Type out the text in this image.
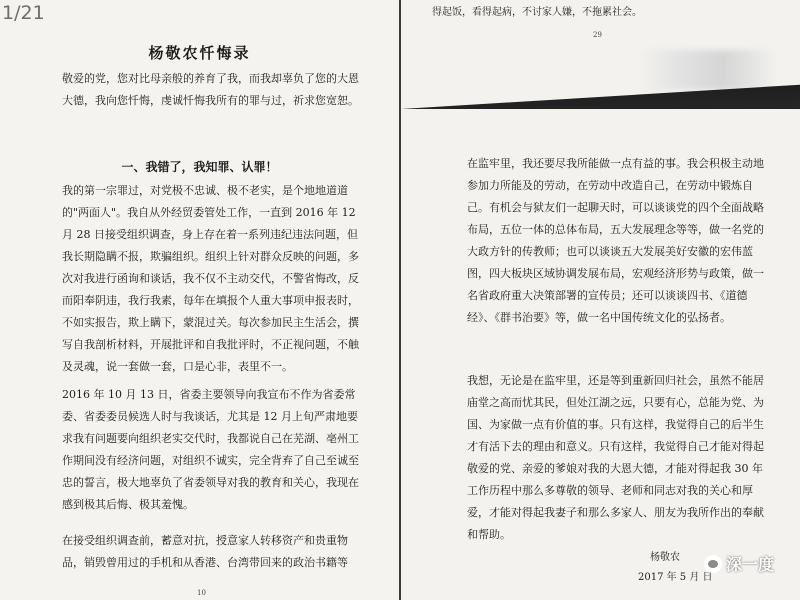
1/21
杨敬农忏悔录

敬爱的党，您对比母亲般的养育了我，而我却辜负了您的大恩大德，我向您忏悔，虔诚忏悔我所有的罪与过，祈求您宽恕。

一、我错了，我知罪、认罪！

我的第一宗罪过，对党极不忠诚、极不老实，是个地地道道的"两面人"。我自从外经贸委管处工作，一直到 2016 年 12 月 28 日接受组织调查，身上存在着一系列违纪违法问题，但我长期隐瞒不报，欺骗组织。组织上针对群众反映的问题，多次对我进行函询和谈话，我不仅不主动交代，不警省悔改，反而阳奉阴违，我行我素，每年在填报个人重大事项申报表时，不如实报告，欺上瞒下，蒙混过关。每次参加民主生活会，撰写自我剖析材料，开展批评和自我批评时，不正视问题，不触及灵魂，说一套做一套，口是心非，表里不一。

2016 年 10 月 13 日，省委主要领导向我宣布不作为省委常委、省委委员候选人时与我谈话，尤其是 12 月上旬严肃地要求我有问题要向组织老实交代时，我都说自己在芜湖、亳州工作期间没有经济问题，对组织不诚实，完全背弃了自己至诚至忠的誓言，极大地辜负了省委领导对我的教育和关心，我现在感到极其后悔、极其羞愧。

在接受组织调查前，蓄意对抗，授意家人转移资产和贵重物品，销毁曾用过的手机和从香港、台湾带回来的政治书籍等

10
得起饭，看得起病，不讨家人嫌，不拖累社会。
29

在监牢里，我还要尽我所能做一点有益的事。我会积极主动地参加力所能及的劳动，在劳动中改造自己，在劳动中锻炼自己。有机会与狱友们一起聊天时，可以谈谈党的四个全面战略布局，五位一体的总体布局，五大发展理念等等，做一名党的大政方针的传教师；也可以谈谈五大发展美好安徽的宏伟蓝图，四大板块区域协调发展布局，宏观经济形势与政策，做一名省政府重大决策部署的宣传员；还可以谈谈四书、《道德经》、《群书治要》等，做一名中国传统文化的弘扬者。

我想，无论是在监牢里，还是等到重新回归社会，虽然不能居庙堂之高而忧其民，但处江湖之远，只要有心，总能为党、为国、为家做一点有价值的事。只有这样，我觉得自己的后半生才有活下去的理由和意义。只有这样，我觉得自己才能对得起敬爱的党、亲爱的爹娘对我的大恩大德，才能对得起我 30 年工作历程中那么多尊敬的领导、老师和同志对我的关心和厚爱，才能对得起我妻子和那么多家人、朋友为我所作出的奉献和帮助。

杨敬农
2017 年 5 月 日
深一度
